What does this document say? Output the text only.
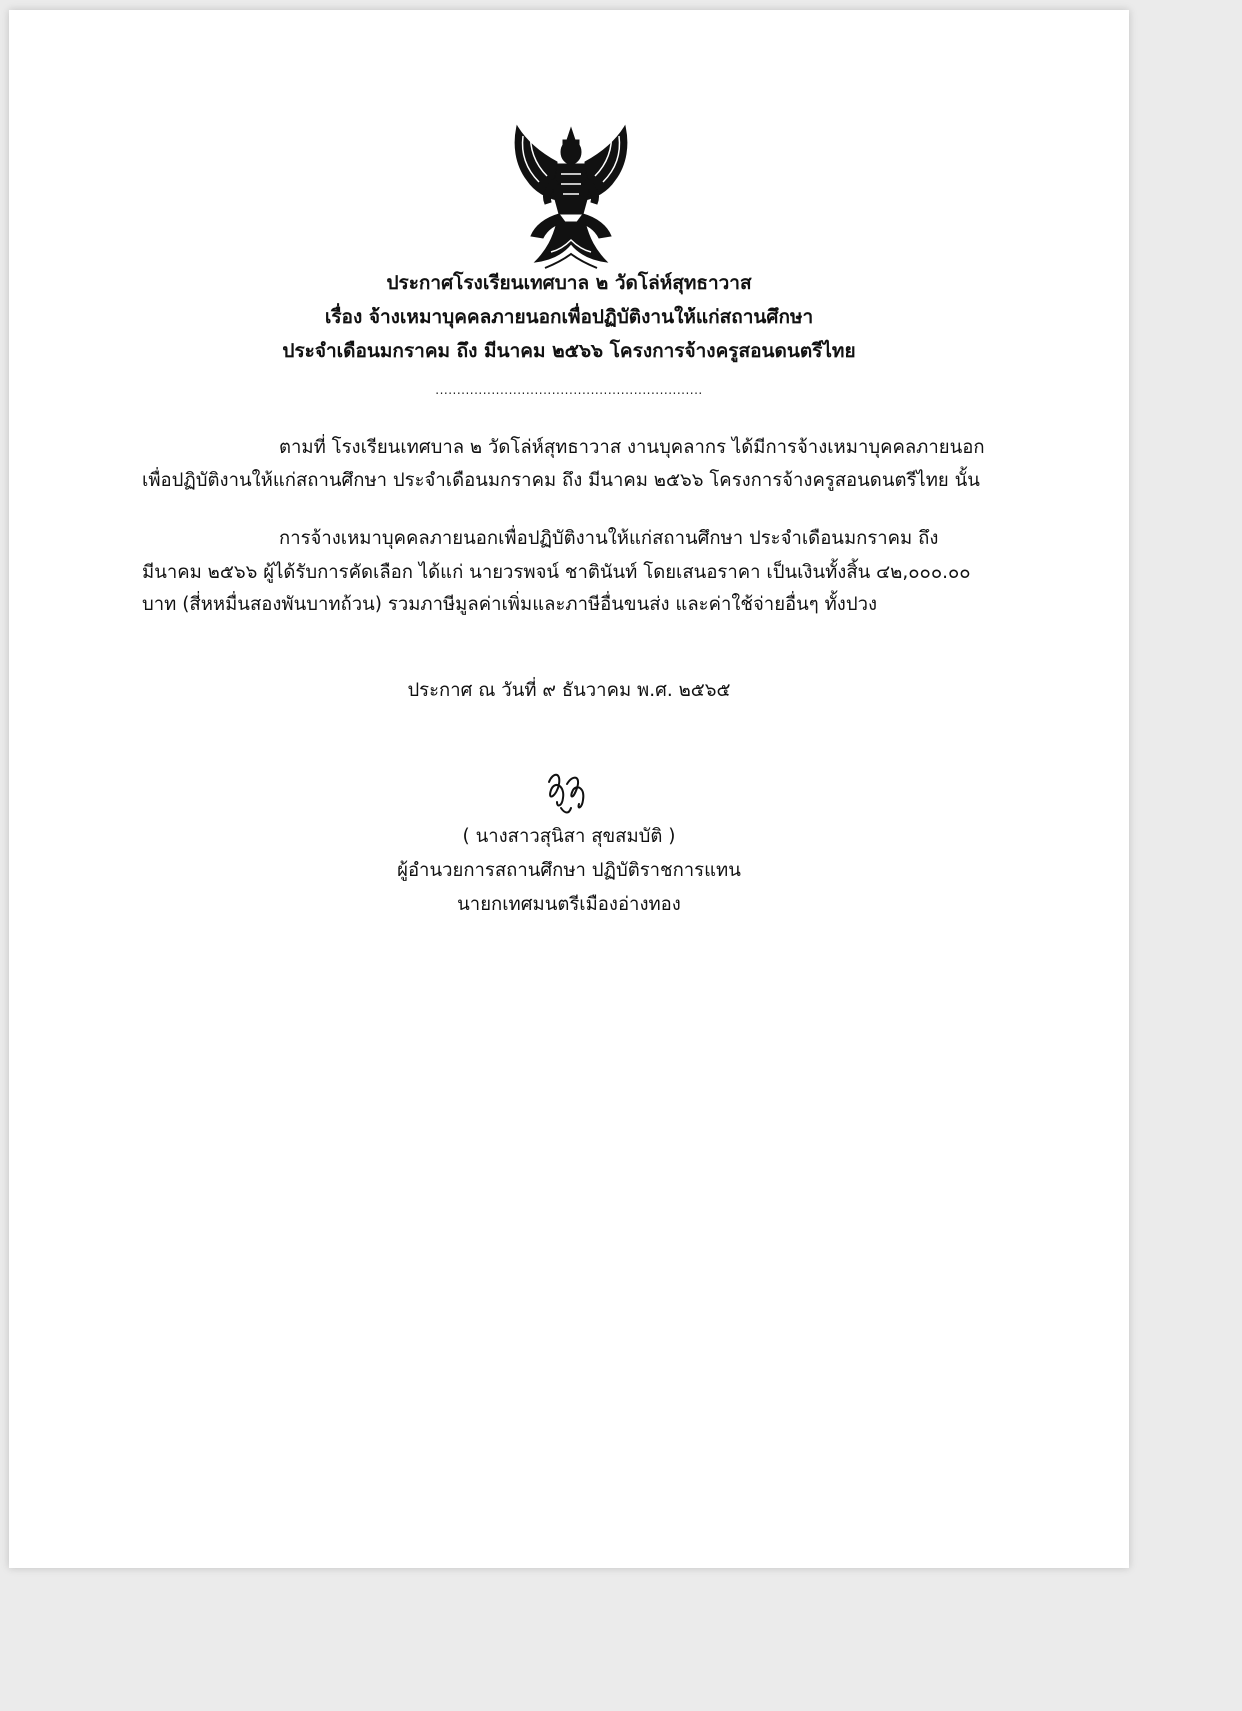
ประกาศโรงเรียนเทศบาล ๒ วัดโล่ห์สุทธาวาส
เรื่อง จ้างเหมาบุคคลภายนอกเพื่อปฏิบัติงานให้แก่สถานศึกษา
ประจำเดือนมกราคม ถึง มีนาคม ๒๕๖๖ โครงการจ้างครูสอนดนตรีไทย
..............................................................
ตามที่ โรงเรียนเทศบาล ๒ วัดโล่ห์สุทธาวาส งานบุคลากร ได้มีการจ้างเหมาบุคคลภายนอก
เพื่อปฏิบัติงานให้แก่สถานศึกษา ประจำเดือนมกราคม ถึง มีนาคม ๒๕๖๖ โครงการจ้างครูสอนดนตรีไทย นั้น
การจ้างเหมาบุคคลภายนอกเพื่อปฏิบัติงานให้แก่สถานศึกษา ประจำเดือนมกราคม ถึง
มีนาคม ๒๕๖๖ ผู้ได้รับการคัดเลือก ได้แก่ นายวรพจน์ ชาตินันท์ โดยเสนอราคา เป็นเงินทั้งสิ้น ๔๒,๐๐๐.๐๐
บาท (สี่หหมื่นสองพันบาทถ้วน) รวมภาษีมูลค่าเพิ่มและภาษีอื่นขนส่ง และค่าใช้จ่ายอื่นๆ ทั้งปวง
ประกาศ ณ วันที่ ๙ ธันวาคม พ.ศ. ๒๕๖๕
( นางสาวสุนิสา สุขสมบัติ )
ผู้อำนวยการสถานศึกษา ปฏิบัติราชการแทน
นายกเทศมนตรีเมืองอ่างทอง
